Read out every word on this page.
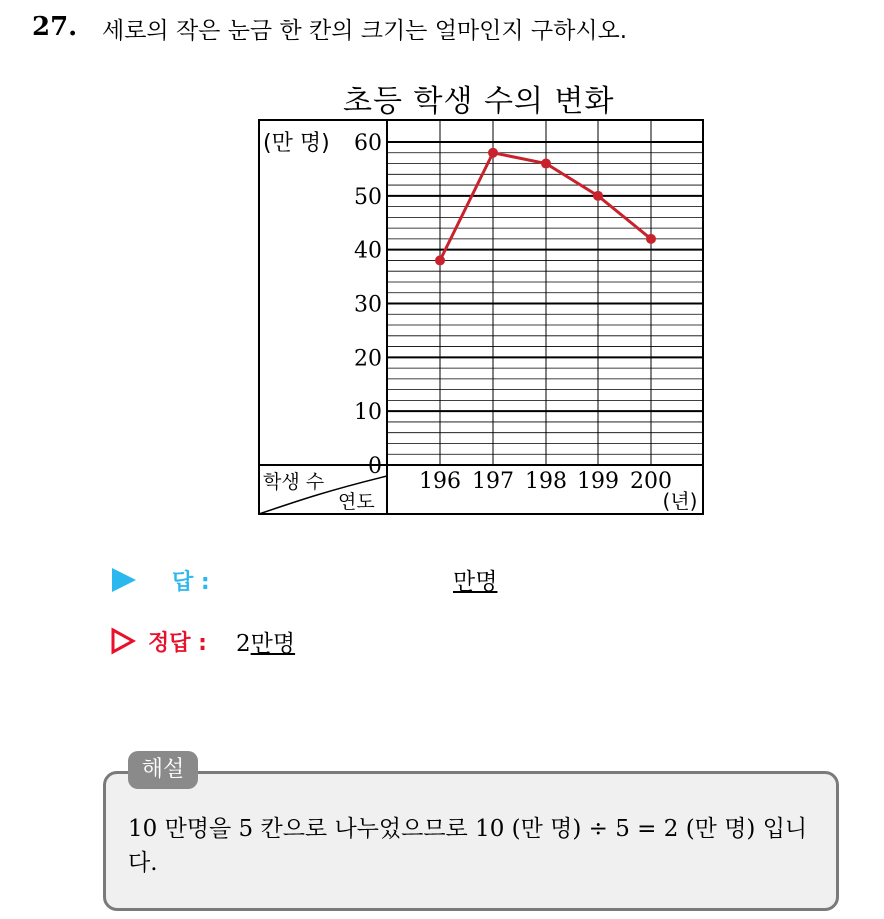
27. 세로의 작은 눈금 한 칸의 크기는 얼마인지 구하시오.
초등 학생 수의 변화
0
10
20
30
40
50
60
(만 명)
196 197 198 199 200
(년)
학생 수
연도
답 :	만명
정답 : 2만명
해설
10 만명을 5 칸으로 나누었으므로 10 (만 명) ÷ 5 = 2 (만 명) 입니다.
